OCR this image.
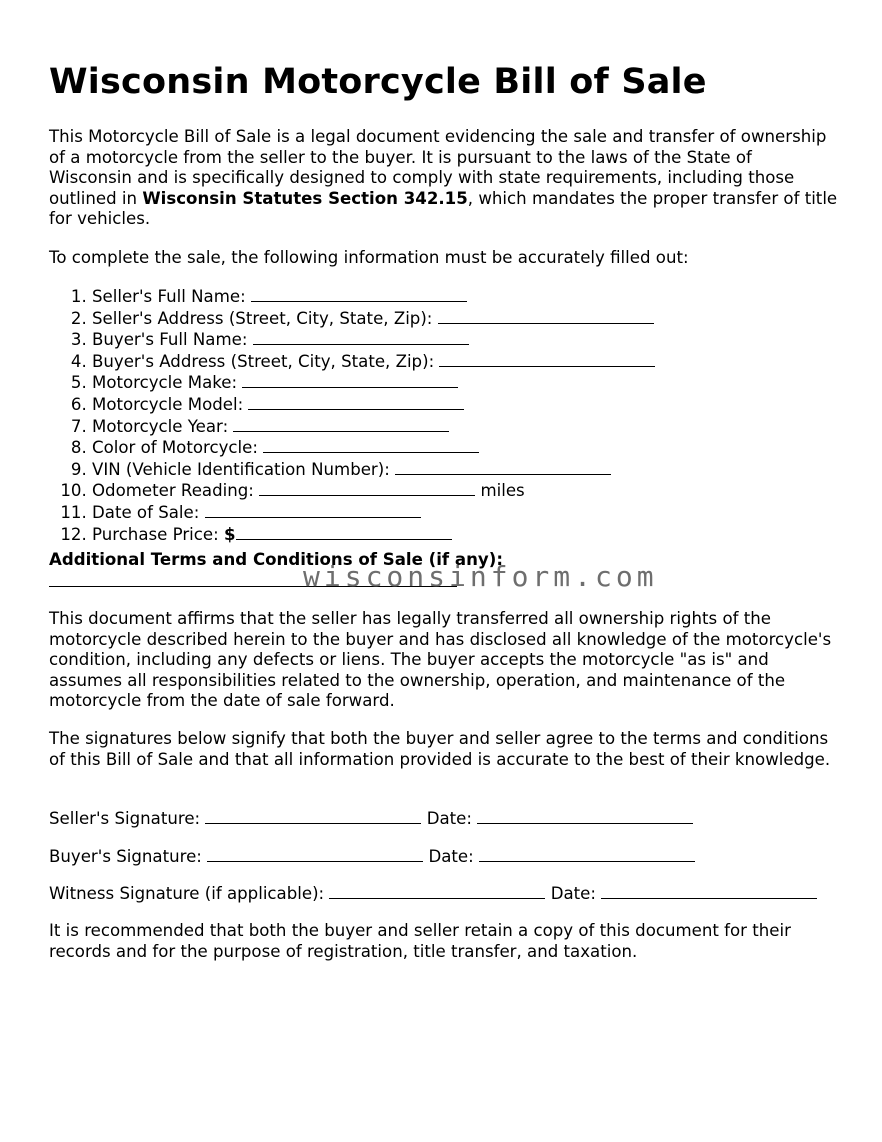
Wisconsin Motorcycle Bill of Sale

This Motorcycle Bill of Sale is a legal document evidencing the sale and transfer of ownership of a motorcycle from the seller to the buyer. It is pursuant to the laws of the State of Wisconsin and is specifically designed to comply with state requirements, including those outlined in Wisconsin Statutes Section 342.15, which mandates the proper transfer of title for vehicles.

To complete the sale, the following information must be accurately filled out:

1. Seller's Full Name:
2. Seller's Address (Street, City, State, Zip):
3. Buyer's Full Name:
4. Buyer's Address (Street, City, State, Zip):
5. Motorcycle Make:
6. Motorcycle Model:
7. Motorcycle Year:
8. Color of Motorcycle:
9. VIN (Vehicle Identification Number):
10. Odometer Reading:	miles
11. Date of Sale:
12. Purchase Price: $

Additional Terms and Conditions of Sale (if any):

wisconsinform.com

This document affirms that the seller has legally transferred all ownership rights of the motorcycle described herein to the buyer and has disclosed all knowledge of the motorcycle's condition, including any defects or liens. The buyer accepts the motorcycle "as is" and assumes all responsibilities related to the ownership, operation, and maintenance of the motorcycle from the date of sale forward.

The signatures below signify that both the buyer and seller agree to the terms and conditions of this Bill of Sale and that all information provided is accurate to the best of their knowledge.

Seller's Signature:	Date:
Buyer's Signature:	Date:
Witness Signature (if applicable):	Date:

It is recommended that both the buyer and seller retain a copy of this document for their records and for the purpose of registration, title transfer, and taxation.
